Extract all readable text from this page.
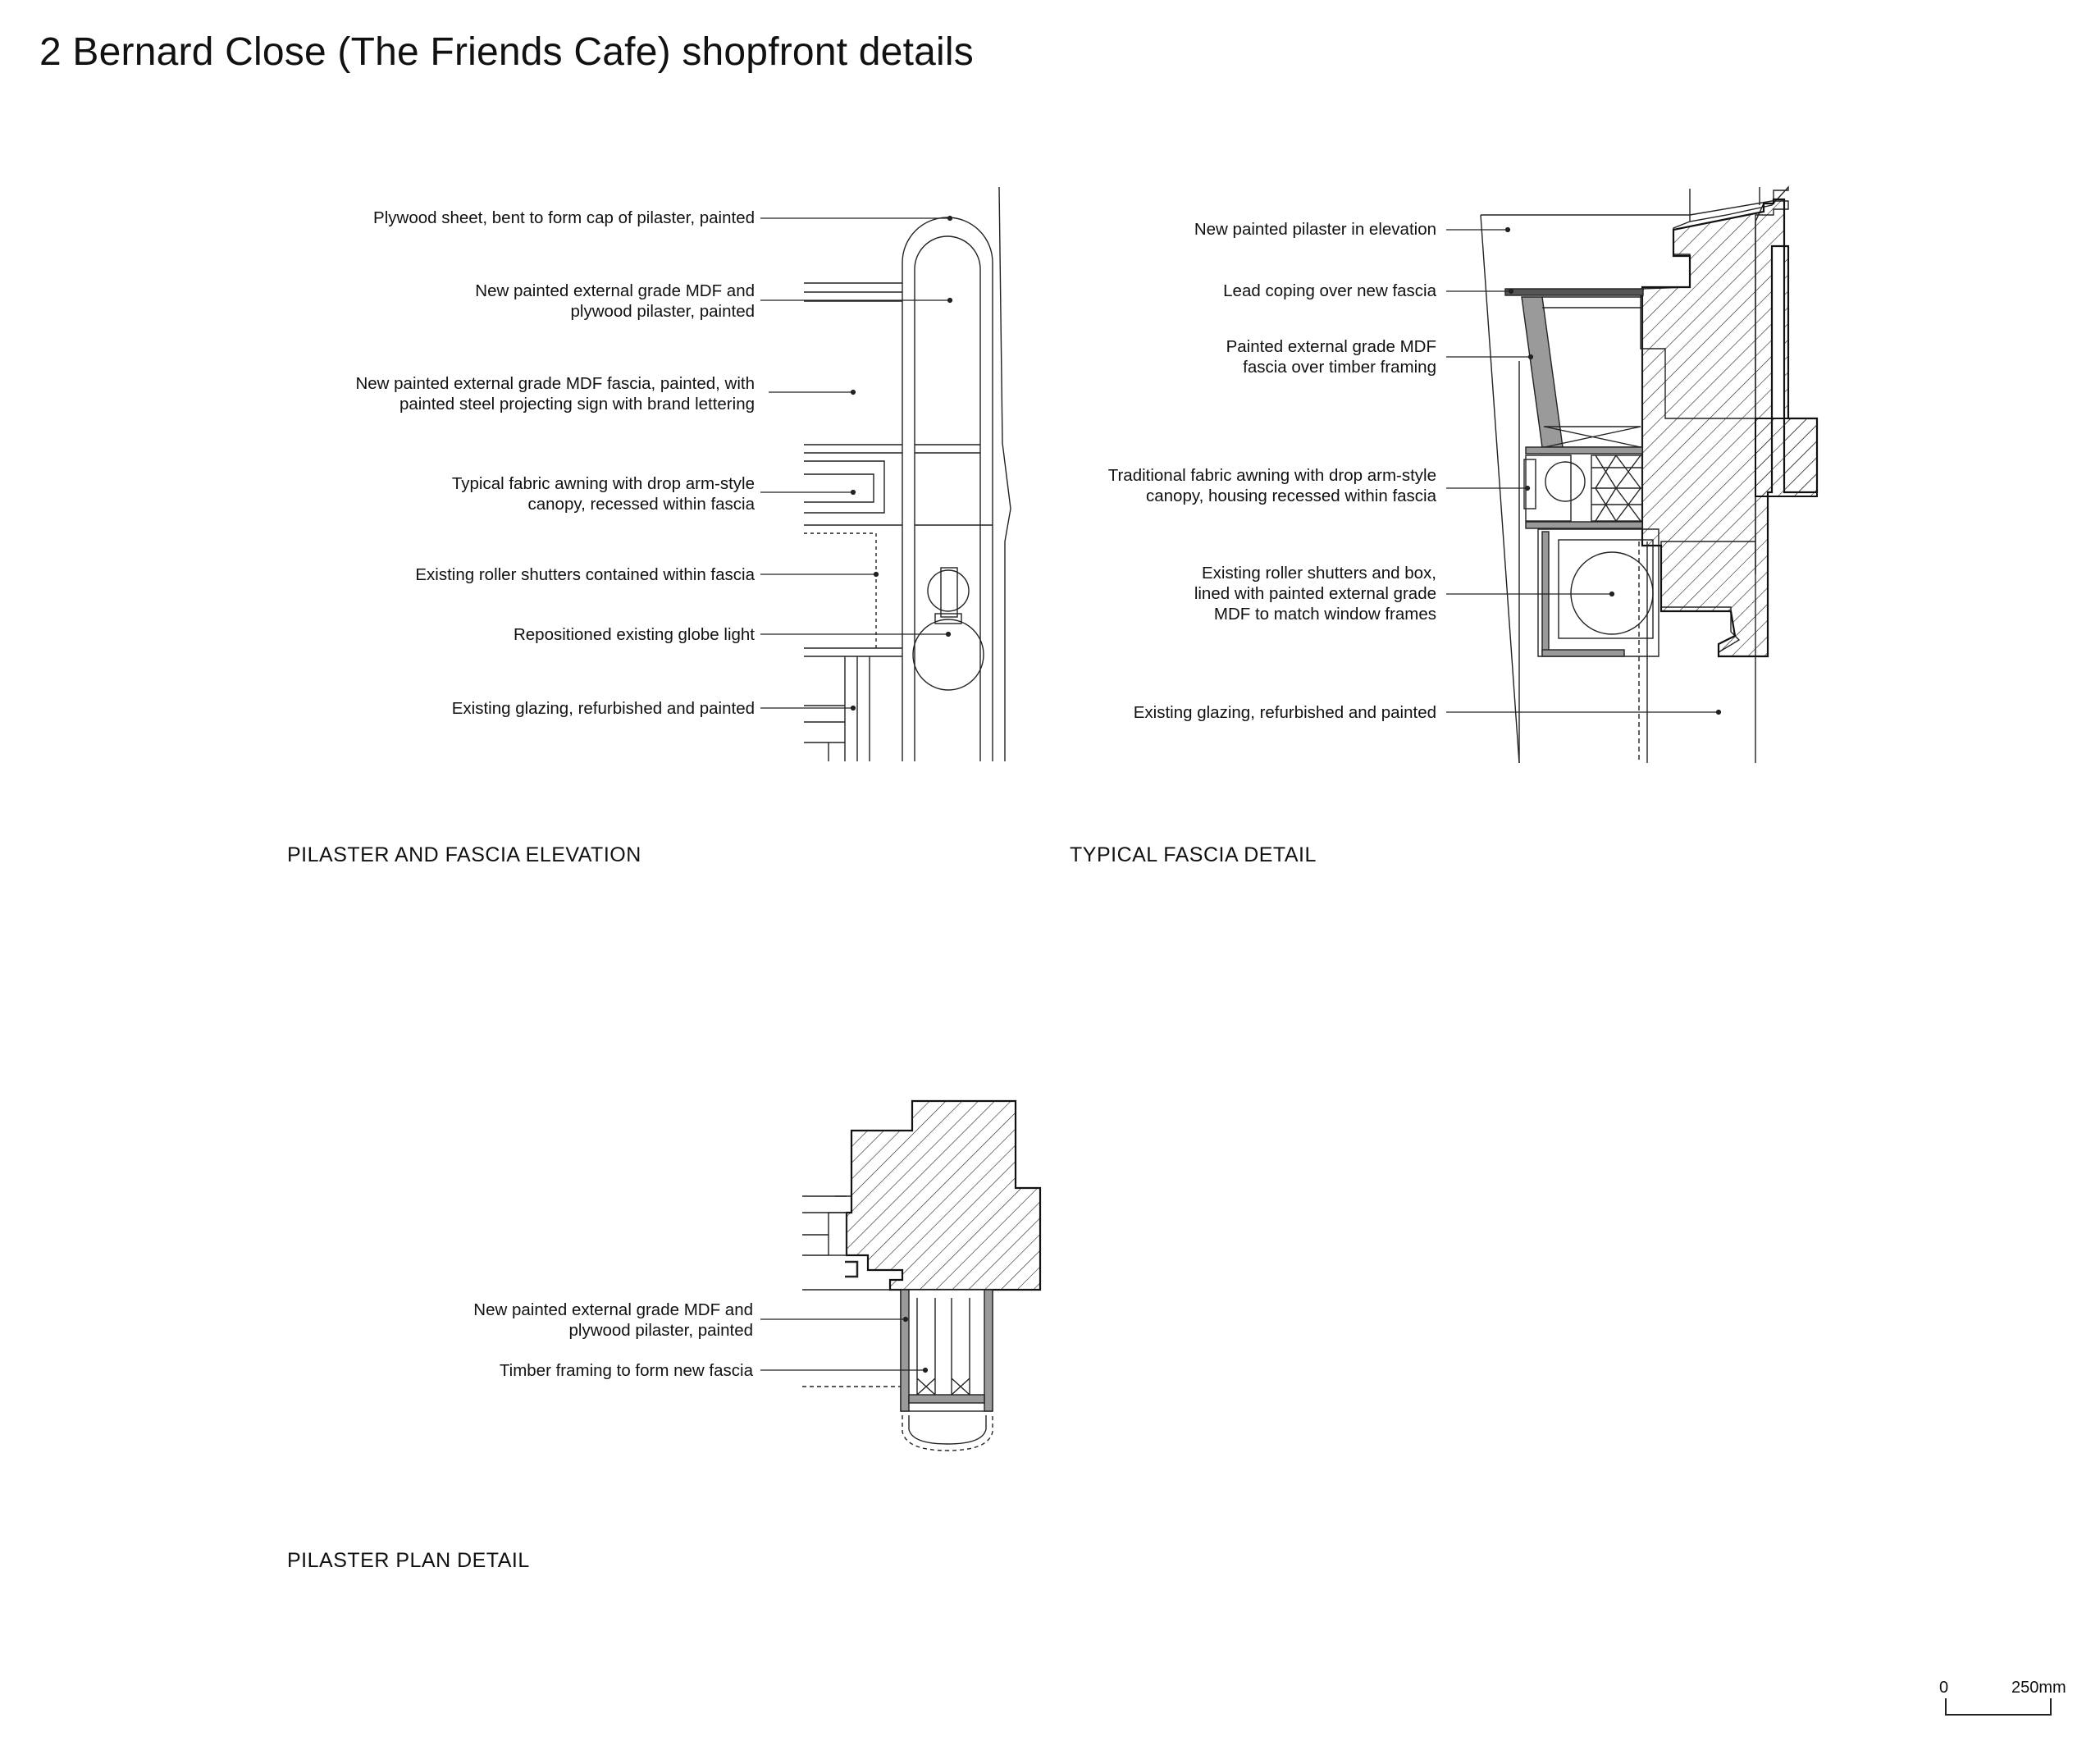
2 Bernard Close (The Friends Cafe) shopfront details
Plywood sheet, bent to form cap of pilaster, painted
New painted external grade MDF and
plywood pilaster, painted
New painted external grade MDF fascia, painted, with
painted steel projecting sign with brand lettering
Typical fabric awning with drop arm-style
canopy, recessed within fascia
Existing roller shutters contained within fascia
Repositioned existing globe light
Existing glazing, refurbished and painted
PILASTER AND FASCIA ELEVATION
New painted pilaster in elevation
Lead coping over new fascia
Painted external grade MDF
fascia over timber framing
Traditional fabric awning with drop arm-style
canopy, housing recessed within fascia
Existing roller shutters and box,
lined with painted external grade
MDF to match window frames
Existing glazing, refurbished and painted
TYPICAL FASCIA DETAIL
New painted external grade MDF and
plywood pilaster, painted
Timber framing to form new fascia
PILASTER PLAN DETAIL
0	250mm
